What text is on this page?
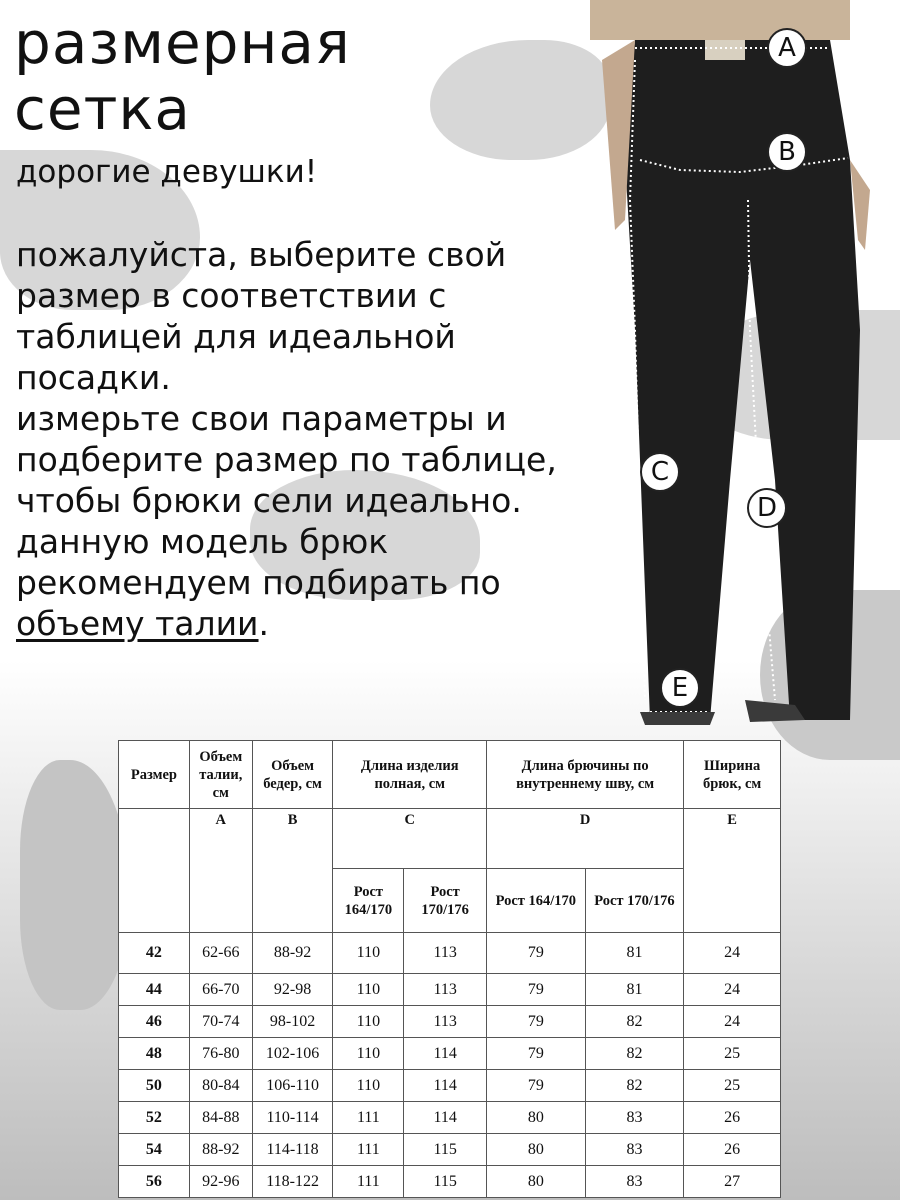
размерная
сетка
дорогие девушки!

пожалуйста, выберите свой размер в соответствии с таблицей для идеальной посадки.

измерьте свои параметры и подберите размер по таблице, чтобы брюки сели идеально.

данную модель брюк рекомендуем подбирать по объему талии.

A
B
C
D
E
Размер	Объем талии, см	Объем бедер, см	Длина изделия полная, см		Длина брючины по внутреннему шву, см		Ширина брюк, см
	A	B	C		D		E
			Рост 164/170	Рост 170/176	Рост 164/170	Рост 170/176	
42	62-66	88-92	110	113	79	81	24
44	66-70	92-98	110	113	79	81	24
46	70-74	98-102	110	113	79	82	24
48	76-80	102-106	110	114	79	82	25
50	80-84	106-110	110	114	79	82	25
52	84-88	110-114	111	114	80	83	26
54	88-92	114-118	111	115	80	83	26
56	92-96	118-122	111	115	80	83	27
